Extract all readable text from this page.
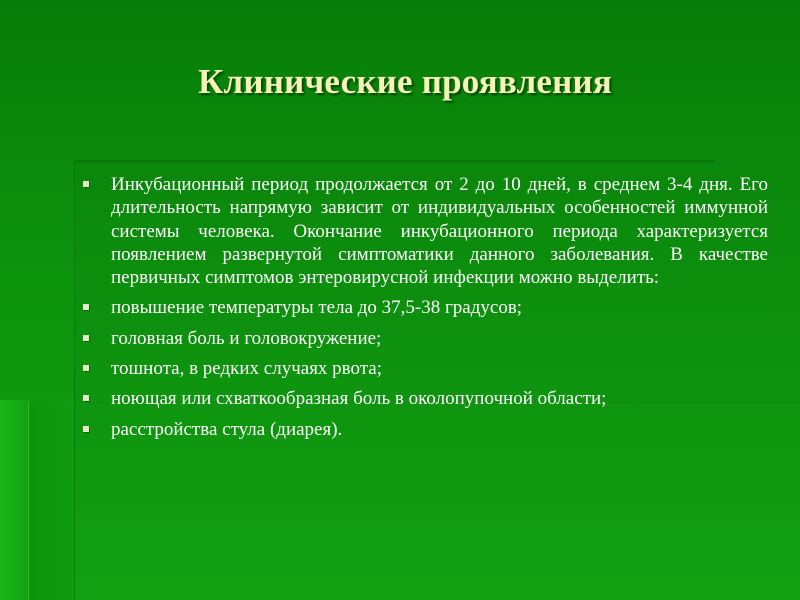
Клинические проявления
Инкубационный период продолжается от 2 до 10 дней, в среднем 3-4 дня. Его длительность напрямую зависит от индивидуальных особенностей иммунной системы человека. Окончание инкубационного периода характеризуется появлением развернутой симптоматики данного заболевания. В качестве первичных симптомов энтеровирусной инфекции можно выделить:
повышение температуры тела до 37,5-38 градусов;
головная боль и головокружение;
тошнота, в редких случаях рвота;
ноющая или схваткообразная боль в околопупочной области;
расстройства стула (диарея).
